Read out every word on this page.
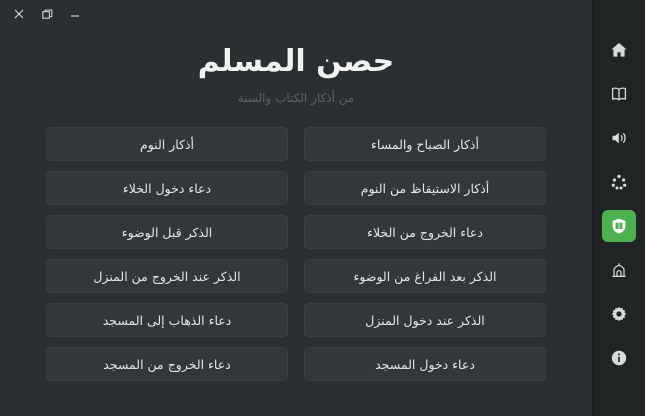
حصن المسلم
من أذكار الكتاب والسنة
أذكار الصباح والمساء
أذكار النوم
أذكار الاستيقاظ من النوم
دعاء دخول الخلاء
دعاء الخروج من الخلاء
الذكر قبل الوضوء
الذكر بعد الفراغ من الوضوء
الذكر عند الخروج من المنزل
الذكر عند دخول المنزل
دعاء الذهاب إلى المسجد
دعاء دخول المسجد
دعاء الخروج من المسجد
